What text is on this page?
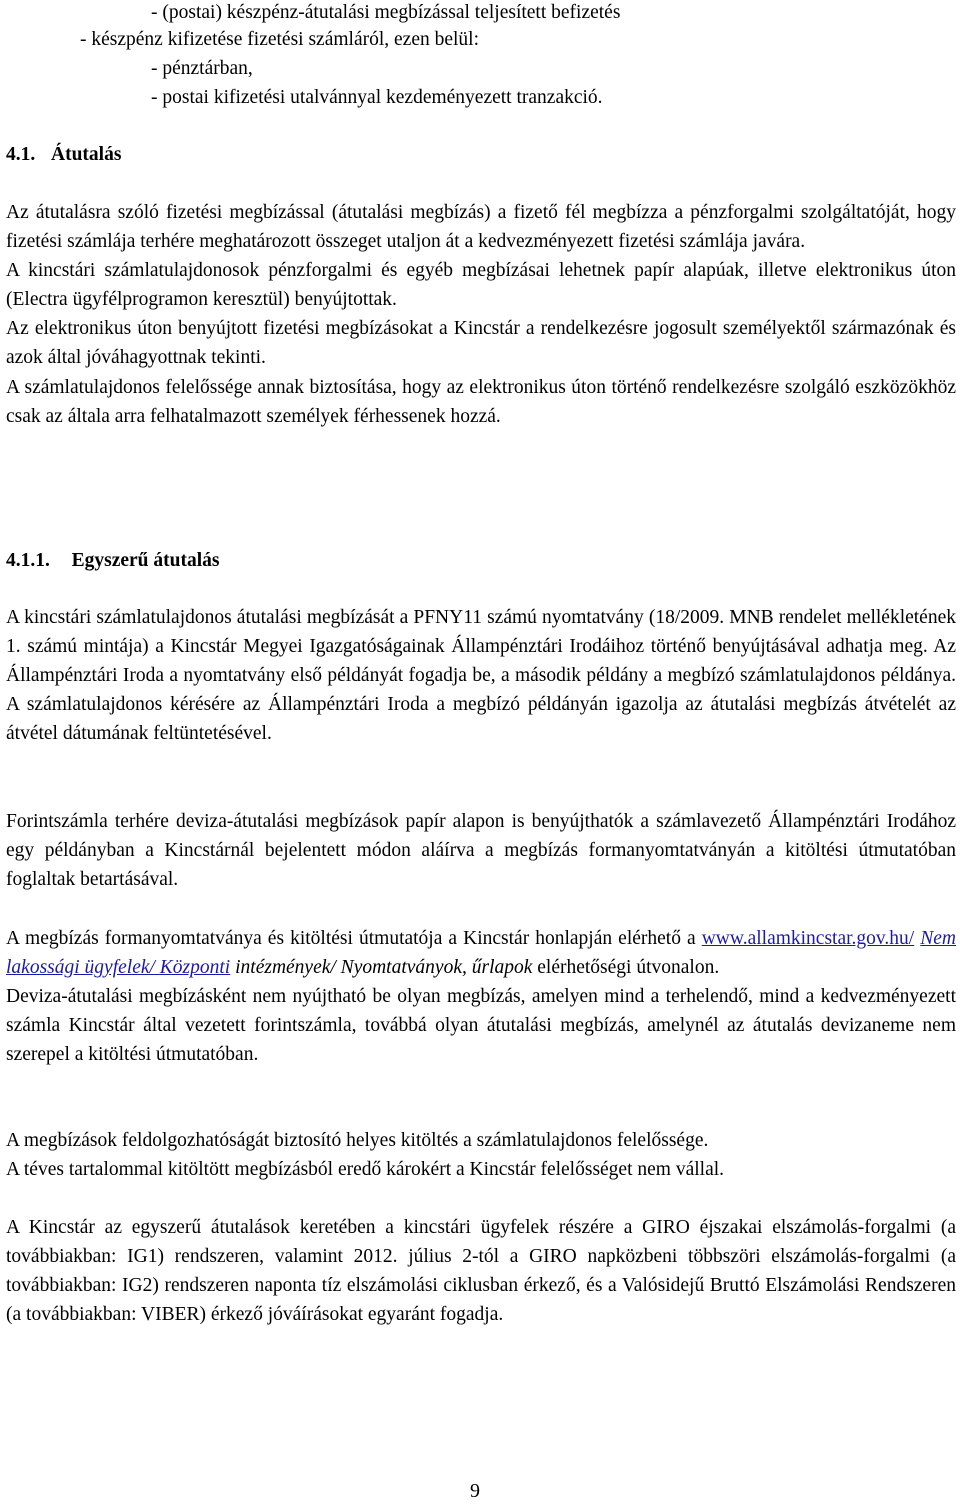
- (postai) készpénz-átutalási megbízással teljesített befizetés
- készpénz kifizetése fizetési számláról, ezen belül:
- pénztárban,
- postai kifizetési utalvánnyal kezdeményezett tranzakció.
4.1. Átutalás

Az átutalásra szóló fizetési megbízással (átutalási megbízás) a fizető fél megbízza a pénzforgalmi szolgáltatóját, hogy fizetési számlája terhére meghatározott összeget utaljon át a kedvezményezett fizetési számlája javára.

A kincstári számlatulajdonosok pénzforgalmi és egyéb megbízásai lehetnek papír alapúak, illetve elektronikus úton (Electra ügyfélprogramon keresztül) benyújtottak.

Az elektronikus úton benyújtott fizetési megbízásokat a Kincstár a rendelkezésre jogosult személyektől származónak és azok által jóváhagyottnak tekinti.

A számlatulajdonos felelőssége annak biztosítása, hogy az elektronikus úton történő rendelkezésre szolgáló eszközökhöz csak az általa arra felhatalmazott személyek férhessenek hozzá.

4.1.1. Egyszerű átutalás

A kincstári számlatulajdonos átutalási megbízását a PFNY11 számú nyomtatvány (18/2009. MNB rendelet mellékletének 1. számú mintája) a Kincstár Megyei Igazgatóságainak Állampénztári Irodáihoz történő benyújtásával adhatja meg. Az Állampénztári Iroda a nyomtatvány első példányát fogadja be, a második példány a megbízó számlatulajdonos példánya. A számlatulajdonos kérésére az Állampénztári Iroda a megbízó példányán igazolja az átutalási megbízás átvételét az átvétel dátumának feltüntetésével.

Forintszámla terhére deviza-átutalási megbízások papír alapon is benyújthatók a számlavezető Állampénztári Irodához egy példányban a Kincstárnál bejelentett módon aláírva a megbízás formanyomtatványán a kitöltési útmutatóban foglaltak betartásával.

A megbízás formanyomtatványa és kitöltési útmutatója a Kincstár honlapján elérhető a www.allamkincstar.gov.hu/ Nem lakossági ügyfelek/ Központi intézmények/ Nyomtatványok, űrlapok elérhetőségi útvonalon.

Deviza-átutalási megbízásként nem nyújtható be olyan megbízás, amelyen mind a terhelendő, mind a kedvezményezett számla Kincstár által vezetett forintszámla, továbbá olyan átutalási megbízás, amelynél az átutalás devizaneme nem szerepel a kitöltési útmutatóban.

A megbízások feldolgozhatóságát biztosító helyes kitöltés a számlatulajdonos felelőssége.

A téves tartalommal kitöltött megbízásból eredő károkért a Kincstár felelősséget nem vállal.

A Kincstár az egyszerű átutalások keretében a kincstári ügyfelek részére a GIRO éjszakai elszámolás-forgalmi (a továbbiakban: IG1) rendszeren, valamint 2012. július 2-tól a GIRO napközbeni többszöri elszámolás-forgalmi (a továbbiakban: IG2) rendszeren naponta tíz elszámolási ciklusban érkező, és a Valósidejű Bruttó Elszámolási Rendszeren (a továbbiakban: VIBER) érkező jóváírásokat egyaránt fogadja.

9
